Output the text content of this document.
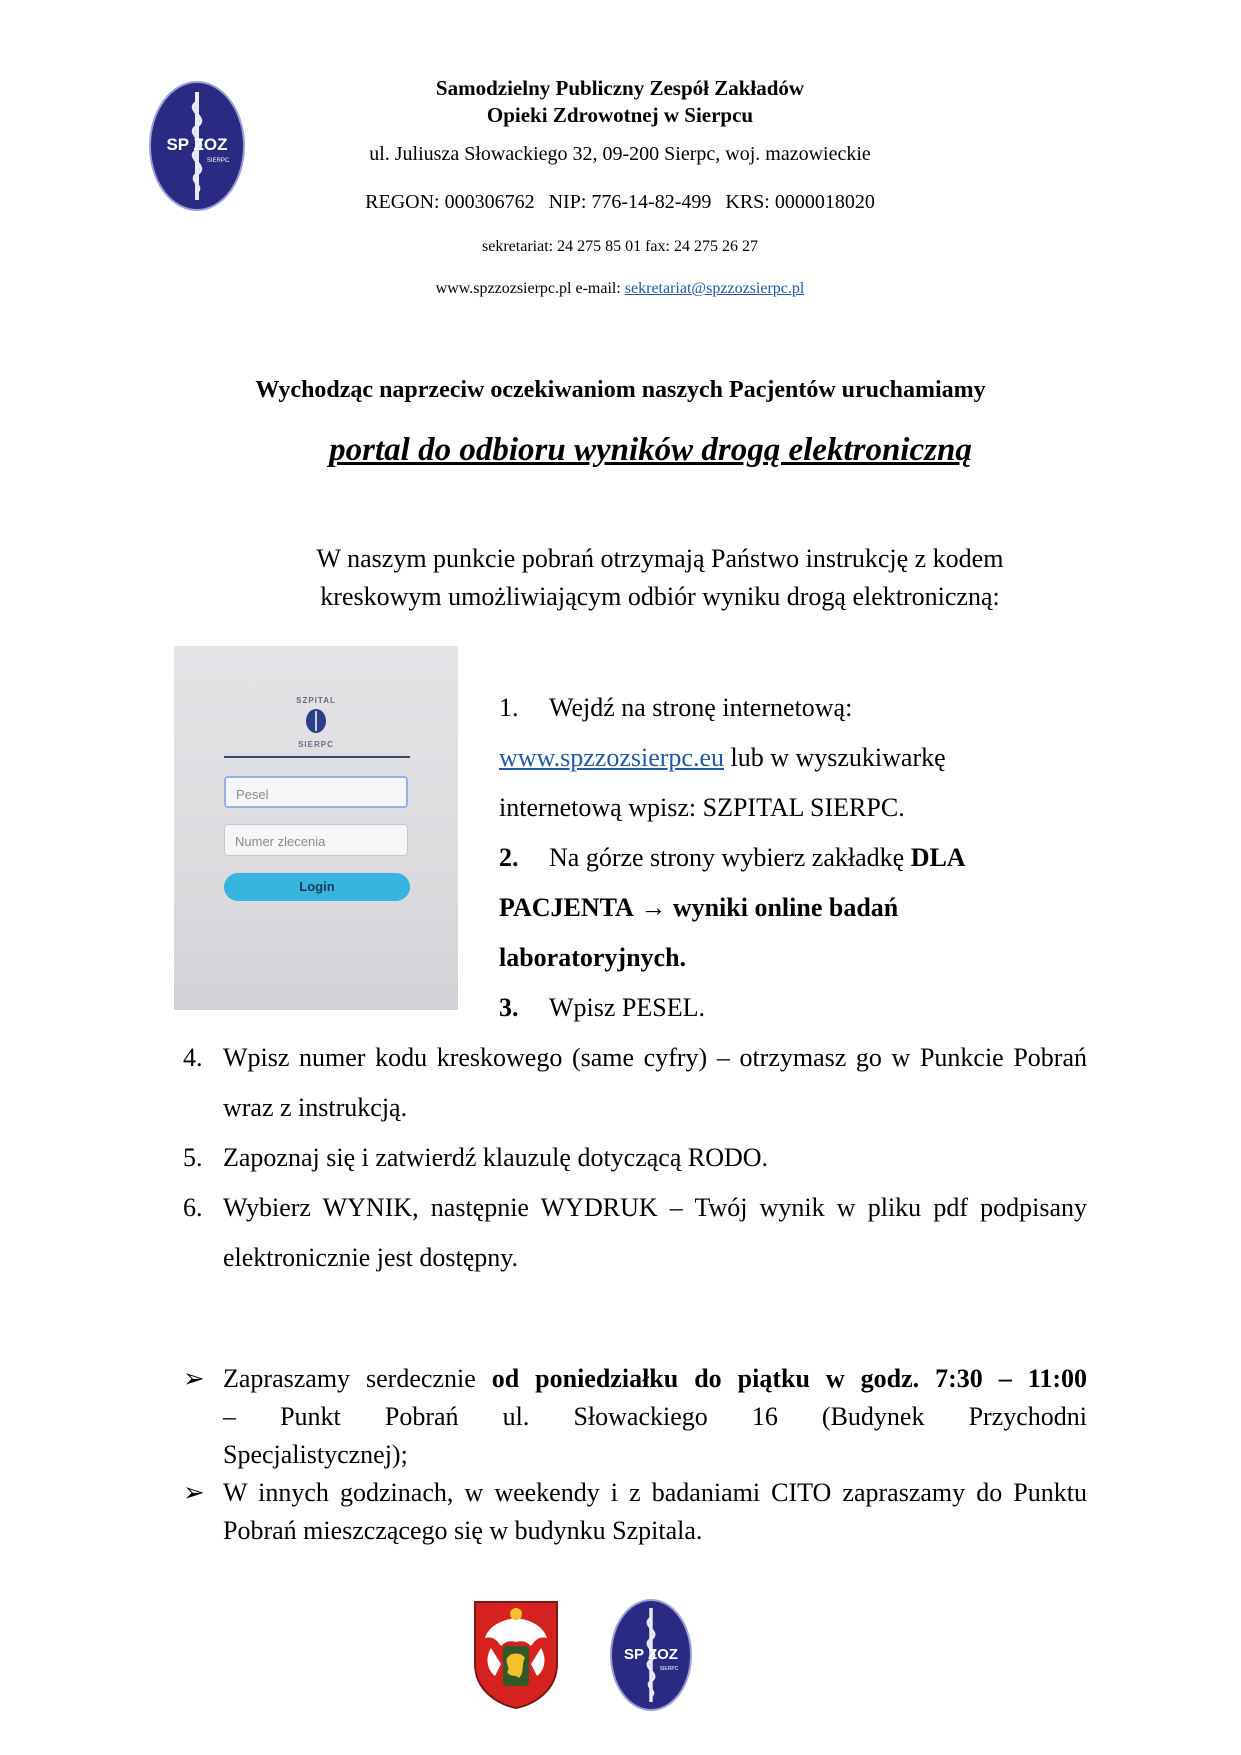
SP ZOZ
SIERPC
Samodzielny Publiczny Zespół Zakładów
Opieki Zdrowotnej w Sierpcu
ul. Juliusza Słowackiego 32, 09-200 Sierpc, woj. mazowieckie
REGON: 000306762 NIP: 776-14-82-499 KRS: 0000018020
sekretariat: 24 275 85 01 fax: 24 275 26 27
www.spzzozsierpc.pl e-mail: sekretariat@spzzozsierpc.pl
Wychodząc naprzeciw oczekiwaniom naszych Pacjentów uruchamiamy
portal do odbioru wyników drogą elektroniczną
W naszym punkcie pobrań otrzymają Państwo instrukcję z kodem
kreskowym umożliwiającym odbiór wyniku drogą elektroniczną:
SZPITAL
SIERPC
Pesel
Numer zlecenia
Login

1. Wejdź na stronę internetową:

www.spzzozsierpc.eu lub w wyszukiwarkę

internetową wpisz: SZPITAL SIERPC.

2. Na górze strony wybierz zakładkę DLA

PACJENTA → wyniki online badań

laboratoryjnych.

3. Wpisz PESEL.

4. Wpisz numer kodu kreskowego (same cyfry) – otrzymasz go w Punkcie Pobrań wraz z instrukcją.
5. Zapoznaj się i zatwierdź klauzulę dotyczącą RODO.
6. Wybierz WYNIK, następnie WYDRUK – Twój wynik w pliku pdf podpisany elektronicznie jest dostępny.
➢ Zapraszamy serdecznie od poniedziałku do piątku w godz. 7:30 – 11:00
– Punkt Pobrań ul. Słowackiego 16 (Budynek Przychodni
Specjalistycznej);
➢ W innych godzinach, w weekendy i z badaniami CITO zapraszamy do Punktu Pobrań mieszczącego się w budynku Szpitala.
SP ZOZ
SIERPC
